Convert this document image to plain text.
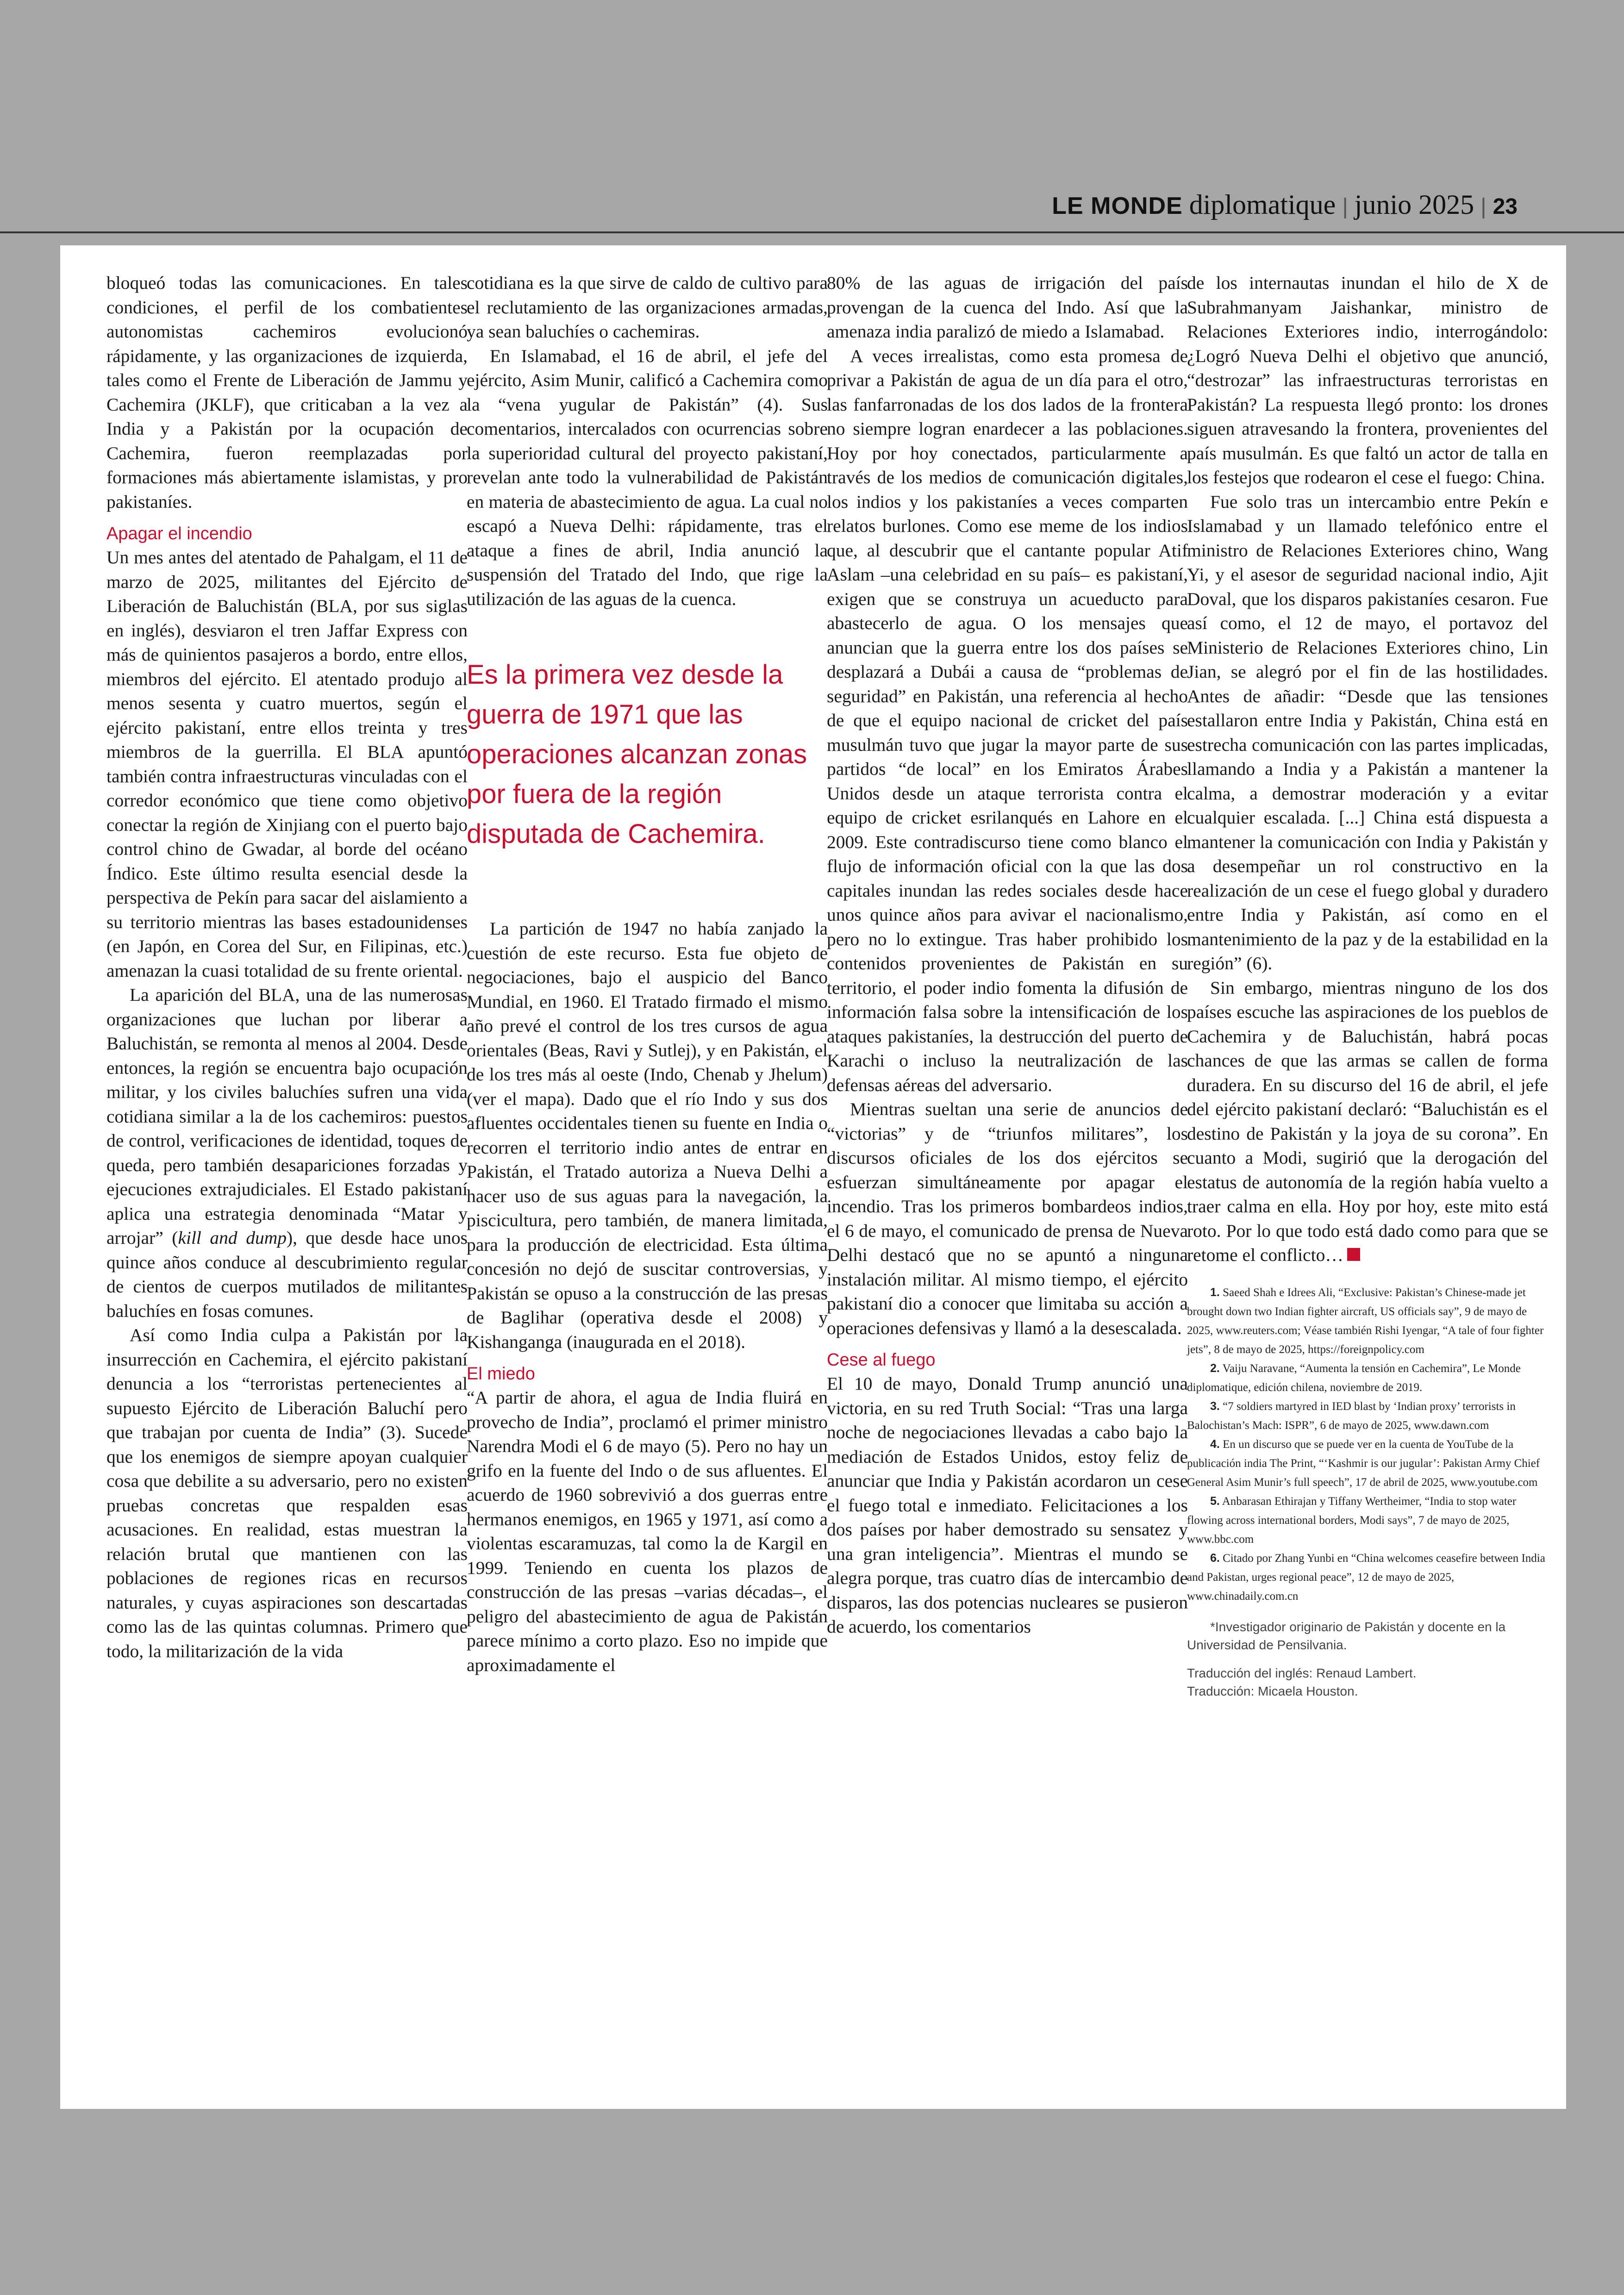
LE MONDE diplomatique | junio 2025 | 23

bloqueó todas las comunicaciones. En tales condiciones, el perfil de los combatientes autonomistas cachemiros evolucionó rápidamente, y las organizaciones de izquierda, tales como el Frente de Liberación de Jammu y Cachemira (JKLF), que criticaban a la vez a India y a Pakistán por la ocupación de Cachemira, fueron reemplazadas por formaciones más abiertamente islamistas, y pro pakistaníes.

Apagar el incendio

Un mes antes del atentado de Pahalgam, el 11 de marzo de 2025, militantes del Ejército de Liberación de Baluchistán (BLA, por sus siglas en inglés), desviaron el tren Jaffar Express con más de quinientos pasajeros a bordo, entre ellos, miembros del ejército. El atentado produjo al menos sesenta y cuatro muertos, según el ejército pakistaní, entre ellos treinta y tres miembros de la guerrilla. El BLA apuntó también contra infraestructuras vinculadas con el corredor económico que tiene como objetivo conectar la región de Xinjiang con el puerto bajo control chino de Gwadar, al borde del océano Índico. Este último resulta esencial desde la perspectiva de Pekín para sacar del aislamiento a su territorio mientras las bases estadounidenses (en Japón, en Corea del Sur, en Filipinas, etc.) amenazan la cuasi totalidad de su frente oriental.

La aparición del BLA, una de las numerosas organizaciones que luchan por liberar a Baluchistán, se remonta al menos al 2004. Desde entonces, la región se encuentra bajo ocupación militar, y los civiles baluchíes sufren una vida cotidiana similar a la de los cachemiros: puestos de control, verificaciones de identidad, toques de queda, pero también desapariciones forzadas y ejecuciones extrajudiciales. El Estado pakistaní aplica una estrategia denominada “Matar y arrojar” (kill and dump), que desde hace unos quince años conduce al descubrimiento regular de cientos de cuerpos mutilados de militantes baluchíes en fosas comunes.

Así como India culpa a Pakistán por la insurrección en Cachemira, el ejército pakistaní denuncia a los “terroristas pertenecientes al supuesto Ejército de Liberación Baluchí pero que trabajan por cuenta de India” (3). Sucede que los enemigos de siempre apoyan cualquier cosa que debilite a su adversario, pero no existen pruebas concretas que respalden esas acusaciones. En realidad, estas muestran la relación brutal que mantienen con las poblaciones de regiones ricas en recursos naturales, y cuyas aspiraciones son descartadas como las de las quintas columnas. Primero que todo, la militarización de la vida

cotidiana es la que sirve de caldo de cultivo para el reclutamiento de las organizaciones armadas, ya sean baluchíes o cachemiras.

En Islamabad, el 16 de abril, el jefe del ejército, Asim Munir, calificó a Cachemira como la “vena yugular de Pakistán” (4). Sus comentarios, intercalados con ocurrencias sobre la superioridad cultural del proyecto pakistaní, revelan ante todo la vulnerabilidad de Pakistán en materia de abastecimiento de agua. La cual no escapó a Nueva Delhi: rápidamente, tras el ataque a fines de abril, India anunció la suspensión del Tratado del Indo, que rige la utilización de las aguas de la cuenca.

Es la primera vez desde la guerra de 1971 que las operaciones alcanzan zonas por fuera de la región disputada de Cachemira.

La partición de 1947 no había zanjado la cuestión de este recurso. Esta fue objeto de negociaciones, bajo el auspicio del Banco Mundial, en 1960. El Tratado firmado el mismo año prevé el control de los tres cursos de agua orientales (Beas, Ravi y Sutlej), y en Pakistán, el de los tres más al oeste (Indo, Chenab y Jhelum) (ver el mapa). Dado que el río Indo y sus dos afluentes occidentales tienen su fuente en India o recorren el territorio indio antes de entrar en Pakistán, el Tratado autoriza a Nueva Delhi a hacer uso de sus aguas para la navegación, la piscicultura, pero también, de manera limitada, para la producción de electricidad. Esta última concesión no dejó de suscitar controversias, y Pakistán se opuso a la construcción de las presas de Baglihar (operativa desde el 2008) y Kishanganga (inaugurada en el 2018).

El miedo

“A partir de ahora, el agua de India fluirá en provecho de India”, proclamó el primer ministro Narendra Modi el 6 de mayo (5). Pero no hay un grifo en la fuente del Indo o de sus afluentes. El acuerdo de 1960 sobrevivió a dos guerras entre hermanos enemigos, en 1965 y 1971, así como a violentas escaramuzas, tal como la de Kargil en 1999. Teniendo en cuenta los plazos de construcción de las presas –varias décadas–, el peligro del abastecimiento de agua de Pakistán parece mínimo a corto plazo. Eso no impide que aproximadamente el

80% de las aguas de irrigación del país provengan de la cuenca del Indo. Así que la amenaza india paralizó de miedo a Islamabad.

A veces irrealistas, como esta promesa de privar a Pakistán de agua de un día para el otro, las fanfarronadas de los dos lados de la frontera no siempre logran enardecer a las poblaciones. Hoy por hoy conectados, particularmente a través de los medios de comunicación digitales, los indios y los pakistaníes a veces comparten relatos burlones. Como ese meme de los indios que, al descubrir que el cantante popular Atif Aslam –una celebridad en su país– es pakistaní, exigen que se construya un acueducto para abastecerlo de agua. O los mensajes que anuncian que la guerra entre los dos países se desplazará a Dubái a causa de “problemas de seguridad” en Pakistán, una referencia al hecho de que el equipo nacional de cricket del país musulmán tuvo que jugar la mayor parte de sus partidos “de local” en los Emiratos Árabes Unidos desde un ataque terrorista contra el equipo de cricket esrilanqués en Lahore en el 2009. Este contradiscurso tiene como blanco el flujo de información oficial con la que las dos capitales inundan las redes sociales desde hace unos quince años para avivar el nacionalismo, pero no lo extingue. Tras haber prohibido los contenidos provenientes de Pakistán en su territorio, el poder indio fomenta la difusión de información falsa sobre la intensificación de los ataques pakistaníes, la destrucción del puerto de Karachi o incluso la neutralización de las defensas aéreas del adversario.

Mientras sueltan una serie de anuncios de “victorias” y de “triunfos militares”, los discursos oficiales de los dos ejércitos se esfuerzan simultáneamente por apagar el incendio. Tras los primeros bombardeos indios, el 6 de mayo, el comunicado de prensa de Nueva Delhi destacó que no se apuntó a ninguna instalación militar. Al mismo tiempo, el ejército pakistaní dio a conocer que limitaba su acción a operaciones defensivas y llamó a la desescalada.

Cese al fuego

El 10 de mayo, Donald Trump anunció una victoria, en su red Truth Social: “Tras una larga noche de negociaciones llevadas a cabo bajo la mediación de Estados Unidos, estoy feliz de anunciar que India y Pakistán acordaron un cese el fuego total e inmediato. Felicitaciones a los dos países por haber demostrado su sensatez y una gran inteligencia”. Mientras el mundo se alegra porque, tras cuatro días de intercambio de disparos, las dos potencias nucleares se pusieron de acuerdo, los comentarios

de los internautas inundan el hilo de X de Subrahmanyam Jaishankar, ministro de Relaciones Exteriores indio, interrogándolo: ¿Logró Nueva Delhi el objetivo que anunció, “destrozar” las infraestructuras terroristas en Pakistán? La respuesta llegó pronto: los drones siguen atravesando la frontera, provenientes del país musulmán. Es que faltó un actor de talla en los festejos que rodearon el cese el fuego: China.

Fue solo tras un intercambio entre Pekín e Islamabad y un llamado telefónico entre el ministro de Relaciones Exteriores chino, Wang Yi, y el asesor de seguridad nacional indio, Ajit Doval, que los disparos pakistaníes cesaron. Fue así como, el 12 de mayo, el portavoz del Ministerio de Relaciones Exteriores chino, Lin Jian, se alegró por el fin de las hostilidades. Antes de añadir: “Desde que las tensiones estallaron entre India y Pakistán, China está en estrecha comunicación con las partes implicadas, llamando a India y a Pakistán a mantener la calma, a demostrar moderación y a evitar cualquier escalada. [...] China está dispuesta a mantener la comunicación con India y Pakistán y a desempeñar un rol constructivo en la realización de un cese el fuego global y duradero entre India y Pakistán, así como en el mantenimiento de la paz y de la estabilidad en la región” (6).

Sin embargo, mientras ninguno de los dos países escuche las aspiraciones de los pueblos de Cachemira y de Baluchistán, habrá pocas chances de que las armas se callen de forma duradera. En su discurso del 16 de abril, el jefe del ejército pakistaní declaró: “Baluchistán es el destino de Pakistán y la joya de su corona”. En cuanto a Modi, sugirió que la derogación del estatus de autonomía de la región había vuelto a traer calma en ella. Hoy por hoy, este mito está roto. Por lo que todo está dado como para que se retome el conflicto…

1. Saeed Shah e Idrees Ali, “Exclusive: Pakistan’s Chinese-made jet brought down two Indian fighter aircraft, US officials say”, 9 de mayo de 2025, www.reuters.com; Véase también Rishi Iyengar, “A tale of four fighter jets”, 8 de mayo de 2025, https://foreignpolicy.com

2. Vaiju Naravane, “Aumenta la tensión en Cachemira”, Le Monde diplomatique, edición chilena, noviembre de 2019.

3. “7 soldiers martyred in IED blast by ‘Indian proxy’ terrorists in Balochistan’s Mach: ISPR”, 6 de mayo de 2025, www.dawn.com

4. En un discurso que se puede ver en la cuenta de YouTube de la publicación india The Print, “‘Kashmir is our jugular’: Pakistan Army Chief General Asim Munir’s full speech”, 17 de abril de 2025, www.youtube.com

5. Anbarasan Ethirajan y Tiffany Wertheimer, “India to stop water flowing across international borders, Modi says”, 7 de mayo de 2025, www.bbc.com

6. Citado por Zhang Yunbi en “China welcomes ceasefire between India and Pakistan, urges regional peace”, 12 de mayo de 2025, www.chinadaily.com.cn

*Investigador originario de Pakistán y docente en la Universidad de Pensilvania.

Traducción del inglés: Renaud Lambert.
Traducción: Micaela Houston.
